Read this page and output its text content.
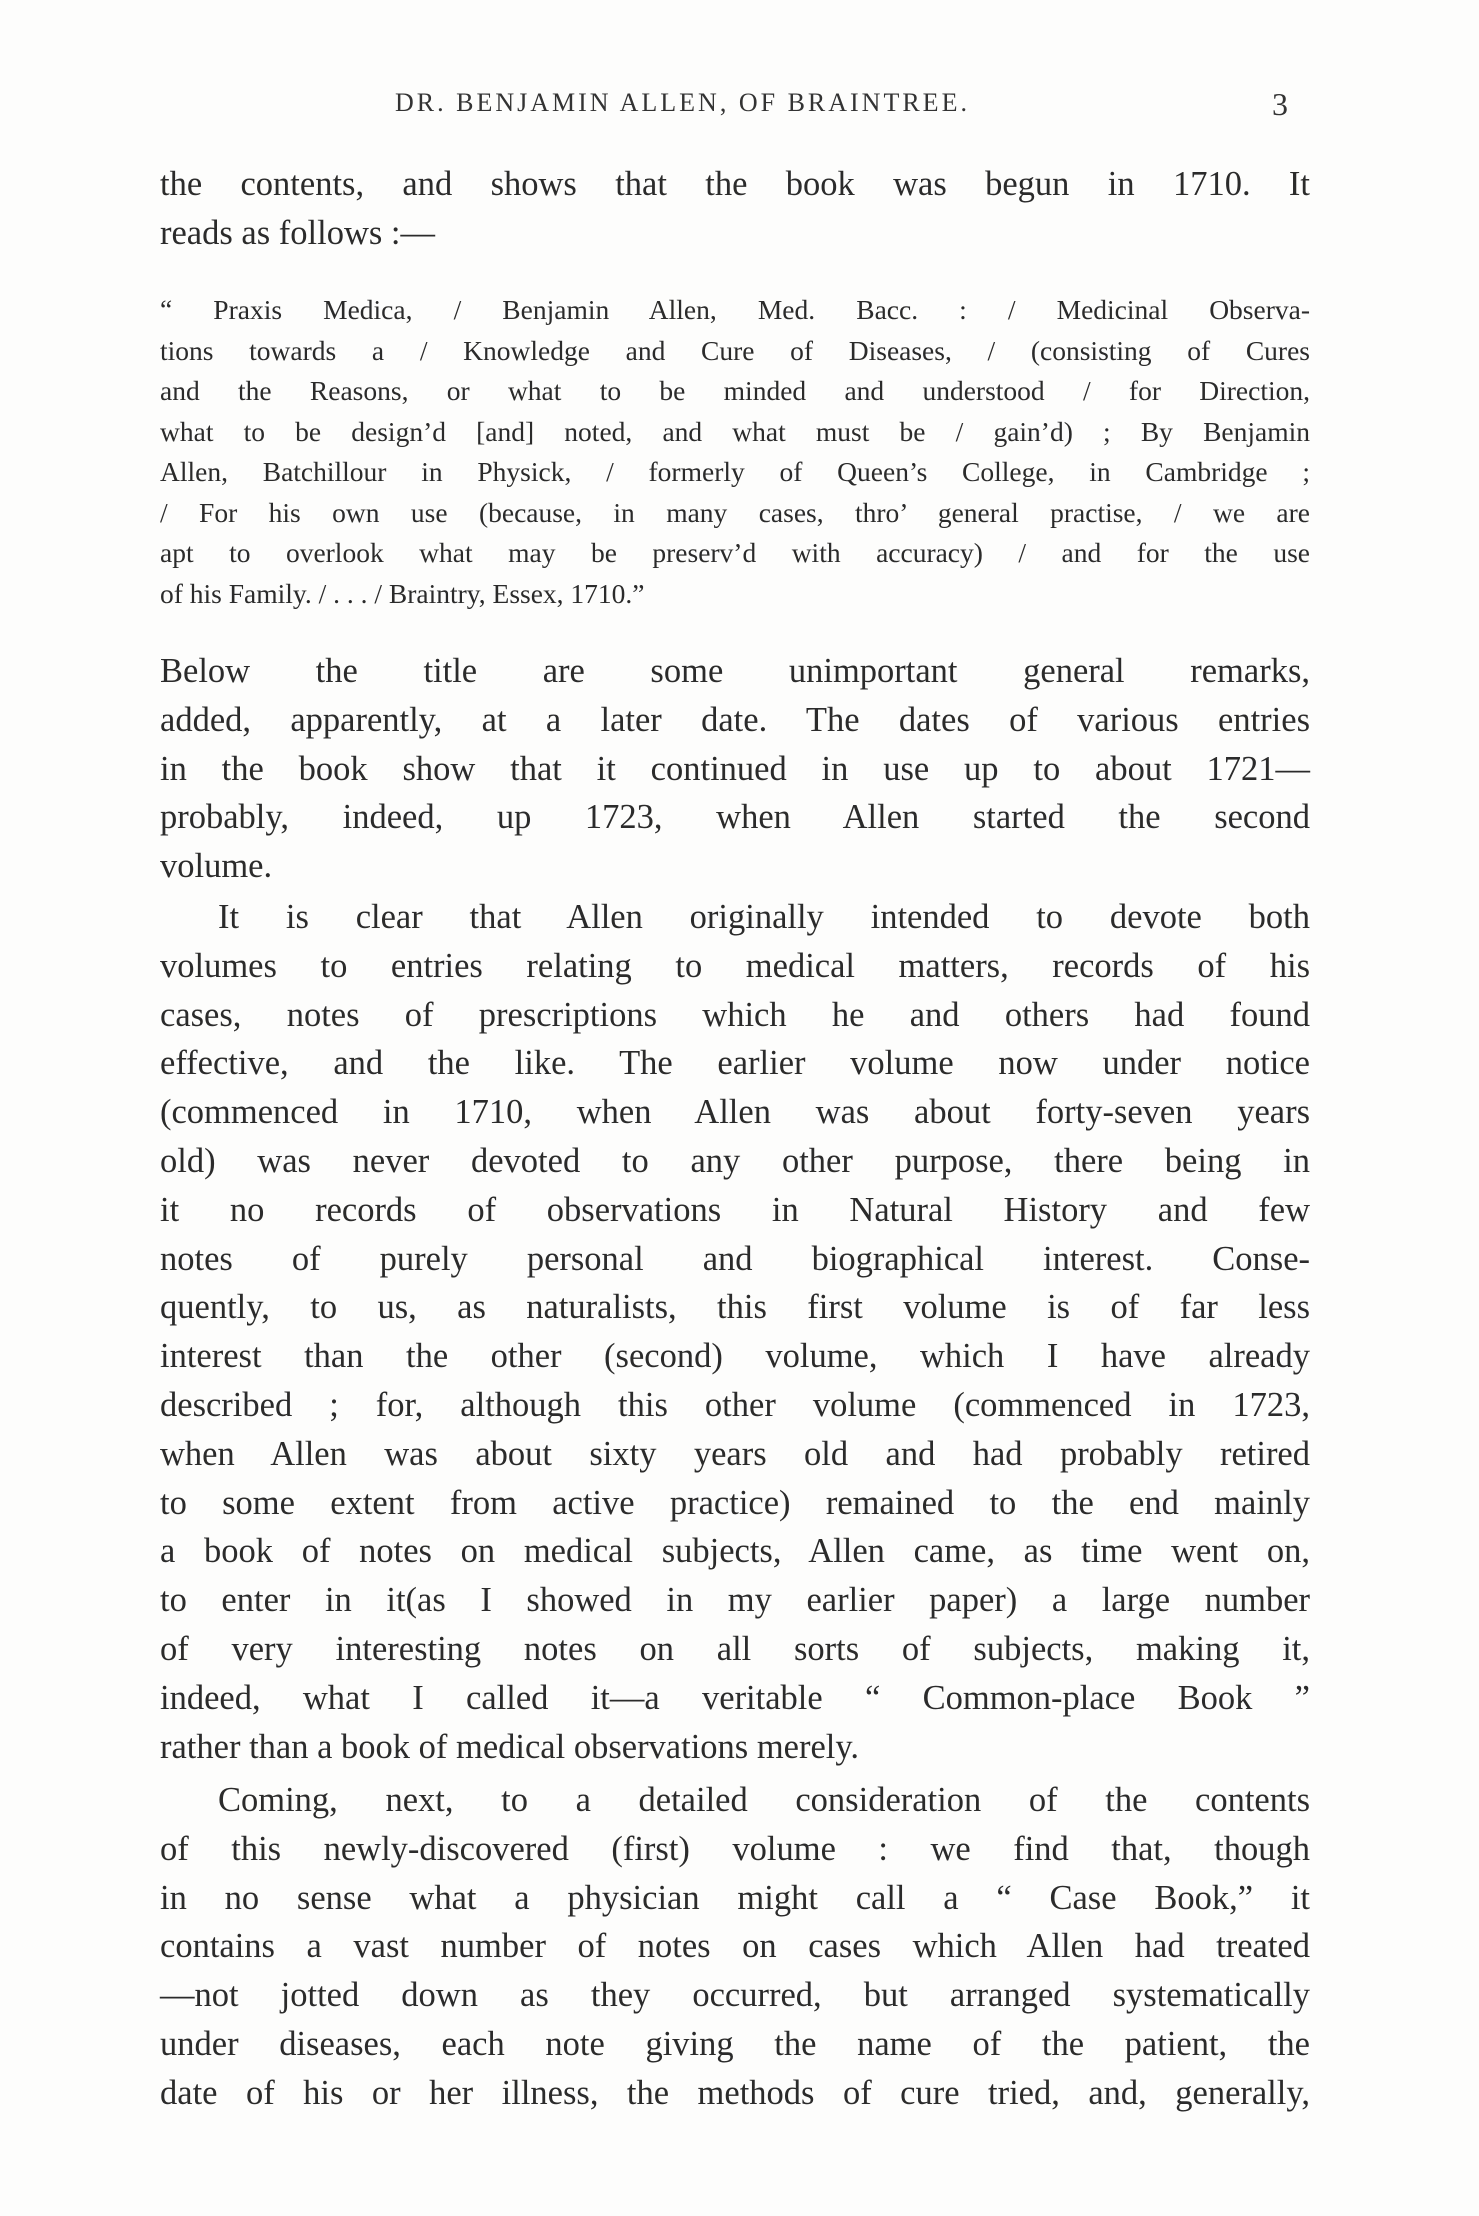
DR. BENJAMIN ALLEN, OF BRAINTREE.	3

the contents, and shows that the book was begun in 1710. It
reads as follows :—

“ Praxis Medica, / Benjamin Allen, Med. Bacc. : / Medicinal Observa-
tions towards a / Knowledge and Cure of Diseases, / (consisting of Cures
and the Reasons, or what to be minded and understood / for Direction,
what to be design’d [and] noted, and what must be / gain’d) ; By Benjamin
Allen, Batchillour in Physick, / formerly of Queen’s College, in Cambridge ;
/ For his own use (because, in many cases, thro’ general practise, / we are
apt to overlook what may be preserv’d with accuracy) / and for the use
of his Family. / . . . / Braintry, Essex, 1710.”

Below the title are some unimportant general remarks,
added, apparently, at a later date. The dates of various entries
in the book show that it continued in use up to about 1721—
probably, indeed, up 1723, when Allen started the second
volume.

It is clear that Allen originally intended to devote both
volumes to entries relating to medical matters, records of his
cases, notes of prescriptions which he and others had found
effective, and the like. The earlier volume now under notice
(commenced in 1710, when Allen was about forty-seven years
old) was never devoted to any other purpose, there being in
it no records of observations in Natural History and few
notes of purely personal and biographical interest. Conse-
quently, to us, as naturalists, this first volume is of far less
interest than the other (second) volume, which I have already
described ; for, although this other volume (commenced in 1723,
when Allen was about sixty years old and had probably retired
to some extent from active practice) remained to the end mainly
a book of notes on medical subjects, Allen came, as time went on,
to enter in it(as I showed in my earlier paper) a large number
of very interesting notes on all sorts of subjects, making it,
indeed, what I called it—a veritable “ Common-place Book ”
rather than a book of medical observations merely.

Coming, next, to a detailed consideration of the contents
of this newly-discovered (first) volume : we find that, though
in no sense what a physician might call a “ Case Book,” it
contains a vast number of notes on cases which Allen had treated
—not jotted down as they occurred, but arranged systematically
under diseases, each note giving the name of the patient, the
date of his or her illness, the methods of cure tried, and, generally,
